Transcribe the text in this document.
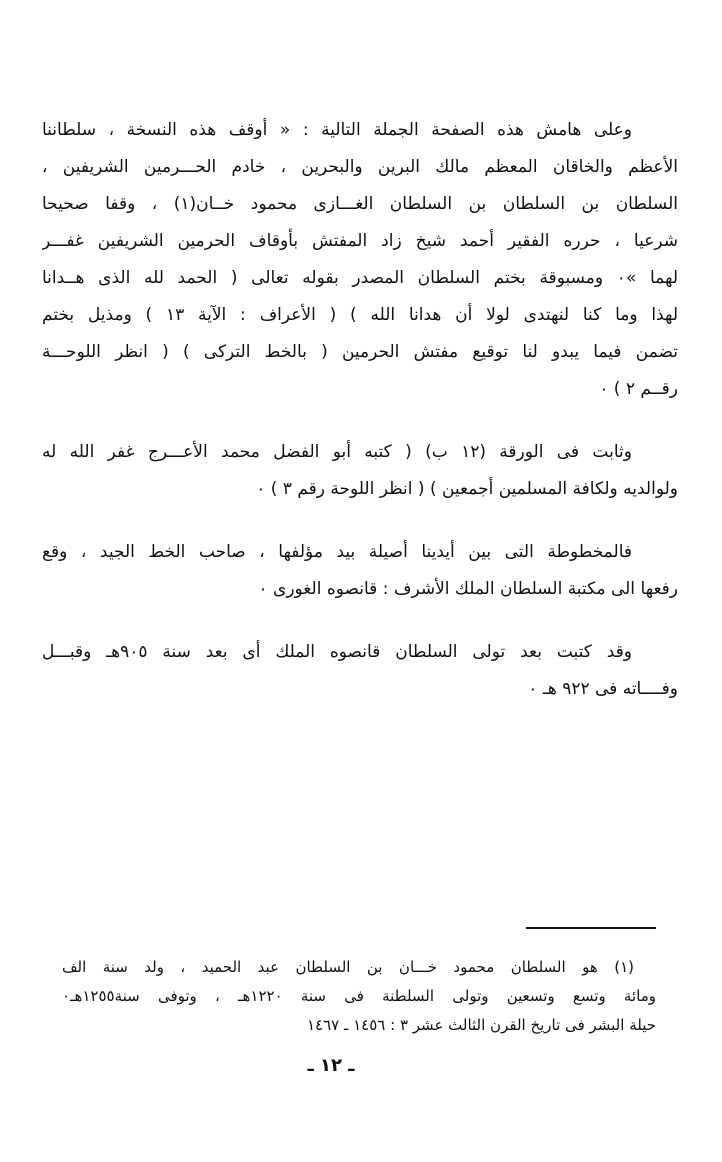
وعلى هامش هذه الصفحة الجملة التالية : « أوقف هذه النسخة ، سلطاننا
الأعظم والخاقان المعظم مالك البرين والبحرين ، خادم الحـــرمين الشريفين ،
السلطان بن السلطان بن السلطان الغـــازى محمود خــان(١) ، وقفا صحيحا
شرعيا ، حرره الفقير أحمد شيخ زاد المفتش بأوقاف الحرمين الشريفين غفـــر
لهما »٠ ومسبوقة بختم السلطان المصدر بقوله تعالى ( الحمد لله الذى هــدانا
لهذا وما كنا لنهتدى لولا أن هدانا الله ) ( الأعراف : الآية ١٣ ) ومذيل بختم
تضمن فيما يبدو لنا توقيع مفتش الحرمين ( بالخط التركى ) ( انظر اللوحـــة
رقــم ٢ ) ٠
وثابت فى الورقة (١٢ ب) ( كتبه أبو الفضل محمد الأعـــرج غفر الله له
ولوالديه ولكافة المسلمين أجمعين ) ( انظر اللوحة رقم ٣ ) ٠
فالمخطوطة التى بين أيدينا أصيلة بيد مؤلفها ، صاحب الخط الجيد ، وقع
رفعها الى مكتبة السلطان الملك الأشرف : قانصوه الغورى ٠
وقد كتبت بعد تولى السلطان قانصوه الملك أى بعد سنة ٩٠٥هـ وقبـــل
وفــــاته فى ٩٢٢ هـ ٠
(١) هو السلطان محمود خـــان بن السلطان عبد الحميد ، ولد سنة الف
ومائة وتسع وتسعين وتولى السلطنة فى سنة ١٢٢٠هـ ، وتوفى سنة١٢٥٥هـ٠
حيلة البشر فى تاريخ القرن الثالث عشر ٣ : ١٤٥٦ ـ ١٤٦٧
ـ ١٢ ـ
